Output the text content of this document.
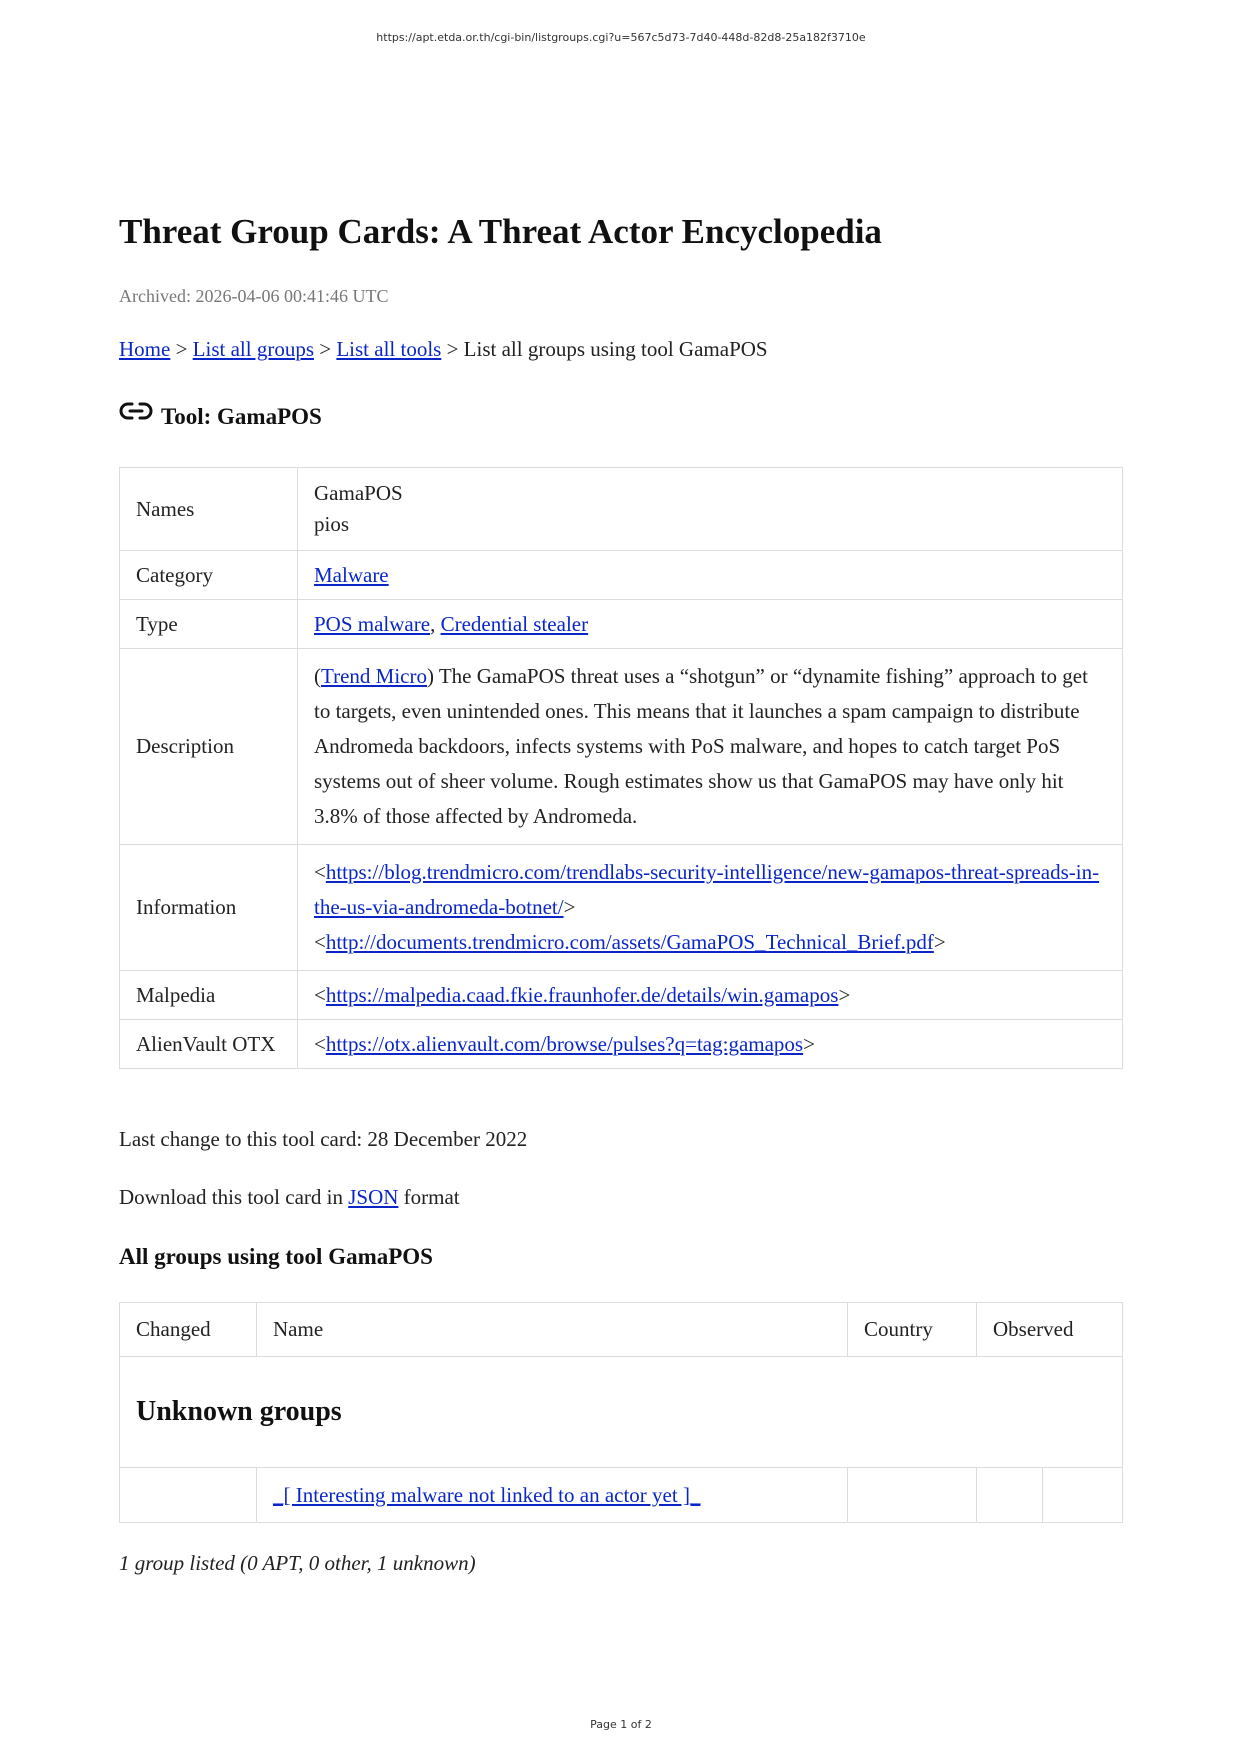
https://apt.etda.or.th/cgi-bin/listgroups.cgi?u=567c5d73-7d40-448d-82d8-25a182f3710e
Threat Group Cards: A Threat Actor Encyclopedia
Archived: 2026-04-06 00:41:46 UTC
Home > List all groups > List all tools > List all groups using tool GamaPOS
Tool: GamaPOS
Names	GamaPOS
pios

Category	Malware
Type	POS malware, Credential stealer
Description	(Trend Micro) The GamaPOS threat uses a “shotgun” or “dynamite fishing” approach to get to targets, even unintended ones. This means that it launches a spam campaign to distribute Andromeda backdoors, infects systems with PoS malware, and hopes to catch target PoS systems out of sheer volume. Rough estimates show us that GamaPOS may have only hit 3.8% of those affected by Andromeda.
Information	<https://blog.trendmicro.com/trendlabs-security-intelligence/new-gamapos-threat-spreads-in-the-us-via-andromeda-botnet/>
<http://documents.trendmicro.com/assets/GamaPOS_Technical_Brief.pdf>

Malpedia	<https://malpedia.caad.fkie.fraunhofer.de/details/win.gamapos>
AlienVault OTX	<https://otx.alienvault.com/browse/pulses?q=tag:gamapos>
Last change to this tool card: 28 December 2022
Download this tool card in JSON format
All groups using tool GamaPOS
Changed	Name	Country	Observed	
Unknown groups				
	_[ Interesting malware not linked to an actor yet ]_			
1 group listed (0 APT, 0 other, 1 unknown)
Page 1 of 2
